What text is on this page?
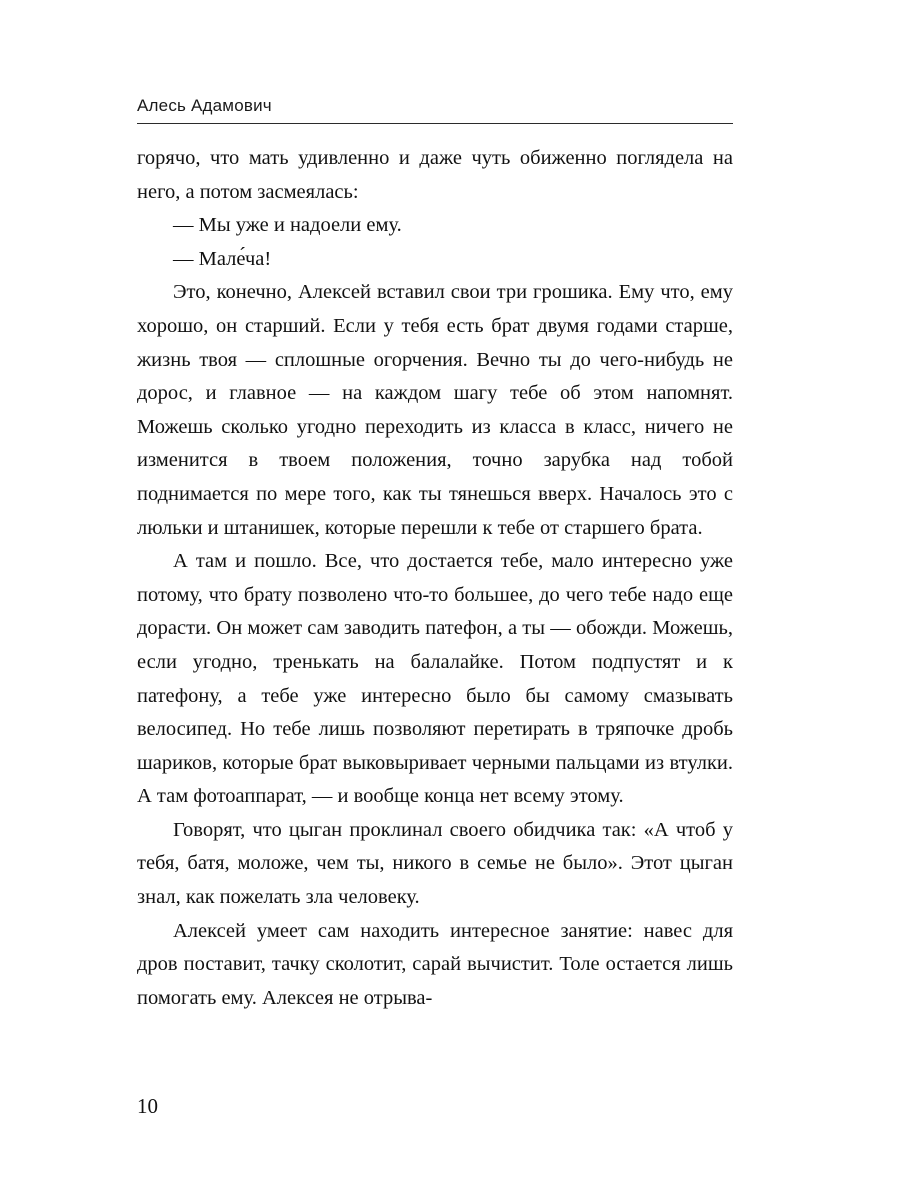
Алесь Адамович

горячо, что мать удивленно и даже чуть обиженно поглядела на него, а потом засмеялась:

— Мы уже и надоели ему.

— Мале́ча!

Это, конечно, Алексей вставил свои три грошика. Ему что, ему хорошо, он старший. Если у тебя есть брат двумя годами старше, жизнь твоя — сплошные огорчения. Вечно ты до чего-нибудь не дорос, и главное — на каждом шагу тебе об этом напомнят. Можешь сколько угодно переходить из класса в класс, ничего не изменится в твоем положения, точно зарубка над тобой поднимается по мере того, как ты тянешься вверх. Началось это с люльки и штанишек, которые перешли к тебе от старшего брата.

А там и пошло. Все, что достается тебе, мало интересно уже потому, что брату позволено что-то большее, до чего тебе надо еще дорасти. Он может сам заводить патефон, а ты — обожди. Можешь, если угодно, тренькать на балалайке. Потом подпустят и к патефону, а тебе уже интересно было бы самому смазывать велосипед. Но тебе лишь позволяют перетирать в тряпочке дробь шариков, которые брат выковыривает черными пальцами из втулки. А там фотоаппарат, — и вообще конца нет всему этому.

Говорят, что цыган проклинал своего обидчика так: «А чтоб у тебя, батя, моложе, чем ты, никого в семье не было». Этот цыган знал, как пожелать зла человеку.

Алексей умеет сам находить интересное занятие: навес для дров поставит, тачку сколотит, сарай вычистит. Толе остается лишь помогать ему. Алексея не отрыва-

10
